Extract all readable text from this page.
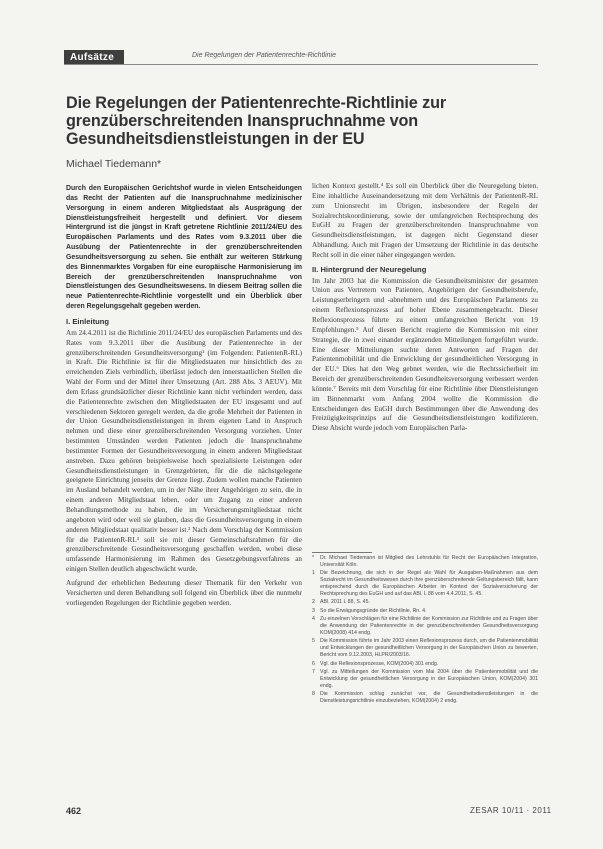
Aufsätze	Die Regelungen der Patientenrechte-Richtlinie
Die Regelungen der Patientenrechte-Richtlinie zur grenzüberschreitenden Inanspruchnahme von Gesundheitsdienstleistungen in der EU
Michael Tiedemann*

Durch den Europäischen Gerichtshof wurde in vielen Entscheidungen das Recht der Patienten auf die Inanspruchnahme medizinischer Versorgung in einem anderen Mitgliedstaat als Ausprägung der Dienstleistungsfreiheit hergestellt und definiert. Vor diesem Hintergrund ist die jüngst in Kraft getretene Richtlinie 2011/24/EU des Europäischen Parlaments und des Rates vom 9.3.2011 über die Ausübung der Patientenrechte in der grenzüberschreitenden Gesundheitsversorgung zu sehen. Sie enthält zur weiteren Stärkung des Binnenmarktes Vorgaben für eine europäische Harmonisierung im Bereich der grenzüberschreitenden Inanspruchnahme von Dienstleistungen des Gesundheitswesens. In diesem Beitrag sollen die neue Patientenrechte-Richtlinie vorgestellt und ein Überblick über deren Regelungsgehalt gegeben werden.

I. Einleitung

Am 24.4.2011 ist die Richtlinie 2011/24/EU des europäischen Parlaments und des Rates vom 9.3.2011 über die Ausübung der Patientenrechte in der grenzüberschreitenden Gesundheitsversorgung¹ (im Folgenden: PatientenR-RL) in Kraft. Die Richtlinie ist für die Mitgliedstaaten nur hinsichtlich des zu erreichenden Ziels verbindlich, überlässt jedoch den innerstaatlichen Stellen die Wahl der Form und der Mittel ihrer Umsetzung (Art. 288 Abs. 3 AEUV). Mit dem Erlass grundsätzlicher dieser Richtlinie kann nicht verhindert werden, dass die Patientenrechte zwischen den Mitgliedstaaten der EU insgesamt und auf verschiedenen Sektoren geregelt werden, da die große Mehrheit der Patienten in der Union Gesundheitsdienstleistungen in ihrem eigenen Land in Anspruch nehmen und diese einer grenzüberschreitenden Versorgung vorziehen. Unter bestimmten Umständen werden Patienten jedoch die Inanspruchnahme bestimmter Formen der Gesundheitsversorgung in einem anderen Mitgliedstaat anstreben. Dazu gehören beispielsweise hoch spezialisierte Leistungen oder Gesundheitsdienstleistungen in Grenzgebieten, für die die nächstgelegene geeignete Einrichtung jenseits der Grenze liegt. Zudem wollen manche Patienten im Ausland behandelt werden, um in der Nähe ihrer Angehörigen zu sein, die in einem anderen Mitgliedstaat leben, oder um Zugang zu einer anderen Behandlungsmethode zu haben, die im Versicherungsmitgliedstaat nicht angeboten wird oder weil sie glauben, dass die Gesundheitsversorgung in einem anderen Mitgliedstaat qualitativ besser ist.² Nach dem Vorschlag der Kommission für die PatientenR-RL³ soll sie mit dieser Gemeinschaftsrahmen für die grenzüberschreitende Gesundheitsversorgung geschaffen werden, wobei diese umfassende Harmonisierung im Rahmen des Gesetzgebungsverfahrens an einigen Stellen deutlich abgeschwächt wurde.

Aufgrund der erheblichen Bedeutung dieser Thematik für den Verkehr von Versicherten und deren Behandlung soll folgend ein Überblick über die nunmehr vorliegenden Regelungen der Richtlinie gegeben werden.

lichen Kontext gestellt.⁴ Es soll ein Überblick über die Neuregelung bieten. Eine inhaltliche Auseinandersetzung mit dem Verhältnis der PatientenR-RL zum Unionsrecht im Übrigen, insbesondere der Regeln der Sozialrechtskoordinierung, sowie der umfangreichen Rechtsprechung des EuGH zu Fragen der grenzüberschreitenden Inanspruchnahme von Gesundheitsdienstleistungen, ist dagegen nicht Gegenstand dieser Abhandlung. Auch mit Fragen der Umsetzung der Richtlinie in das deutsche Recht soll in die einer näher eingegangen werden.

II. Hintergrund der Neuregelung

Im Jahr 2003 hat die Kommission die Gesundheitsminister der gesamten Union aus Vertretern von Patienten, Angehörigen der Gesundheitsberufe, Leistungserbringern und -abnehmern und des Europäischen Parlaments zu einem Reflexionsprozess auf hoher Ebene zusammengebracht. Dieser Reflexionsprozess führte zu einem umfangreichen Bericht von 19 Empfehlungen.⁵ Auf diesen Bericht reagierte die Kommission mit einer Strategie, die in zwei einander ergänzenden Mitteilungen fortgeführt wurde. Eine dieser Mitteilungen suchte deren Antworten auf Fragen der Patientenmobilität und die Entwicklung der gesundheitlichen Versorgung in der EU.⁶ Dies hat den Weg gebnet werden, wie die Rechtssicherheit im Bereich der grenzüberschreitenden Gesundheitsversorgung verbessert werden könnte.⁷ Bereits mit dem Vorschlag für eine Richtlinie über Dienstleistungen im Binnenmarkt vom Anfang 2004 wollte die Kommission die Entscheidungen des EuGH durch Bestimmungen über die Anwendung des Freizügigkeitsprinzips auf die Gesundheitsdienstleistungen kodifizieren. Diese Absicht wurde jedoch vom Europäischen Parla-

*	Dr. Michael Tiedemann ist Mitglied des Lehrstuhls für Recht der Europäischen Integration, Universität Köln.
1 Die Bezeichnung, die sich in der Regel als Wahl für Ausgaben-Maßnahmen aus dem Sozialrecht im Gesundheitswesen durch ihre grenzüberschreitende Geltungsbereich fällt, kann entsprechend durch die Europäischen Arbeiter im Kontext der Sozialversicherung der Rechtsprechung des EuGH und auf das ABl. L 88 vom 4.4.2011, S. 45.
2 ABl. 2011 L 88, S. 45.
3 So die Erwägungsgründe der Richtlinie, Rn. 4.
4 Zu einzelnen Vorschlägen für eine Richtlinie der Kommission zur Richtlinie und zu Fragen über die Anwendung der Patientenrechte in der grenzüberschreitenden Gesundheitsversorgung KOM(2008) 414 endg.
5 Die Kommission führte im Jahr 2003 einen Reflexionsprozess durch, um die Patientenmobilität und Entwicklungen der gesundheitlichen Versorgung in der Europäischen Union zu bewerten, Bericht vom 9.12.2003, HLPR/2003/16.
6 Vgl. die Reflexionsprozesse, KOM(2004) 301 endg.
7 Vgl. zu Mitteilungen der Kommission vom Mai 2004 über die Patientenmobilität und die Entwicklung der gesundheitlichen Versorgung in der Europäischen Union, KOM(2004) 301 endg.
8 Die Kommission schlug zunächst vor, die Gesundheitsdienstleistungen in die Dienstleistungsrichtlinie einzubeziehen, KOM(2004) 2 endg.
462	ZESAR 10/11 · 2011
